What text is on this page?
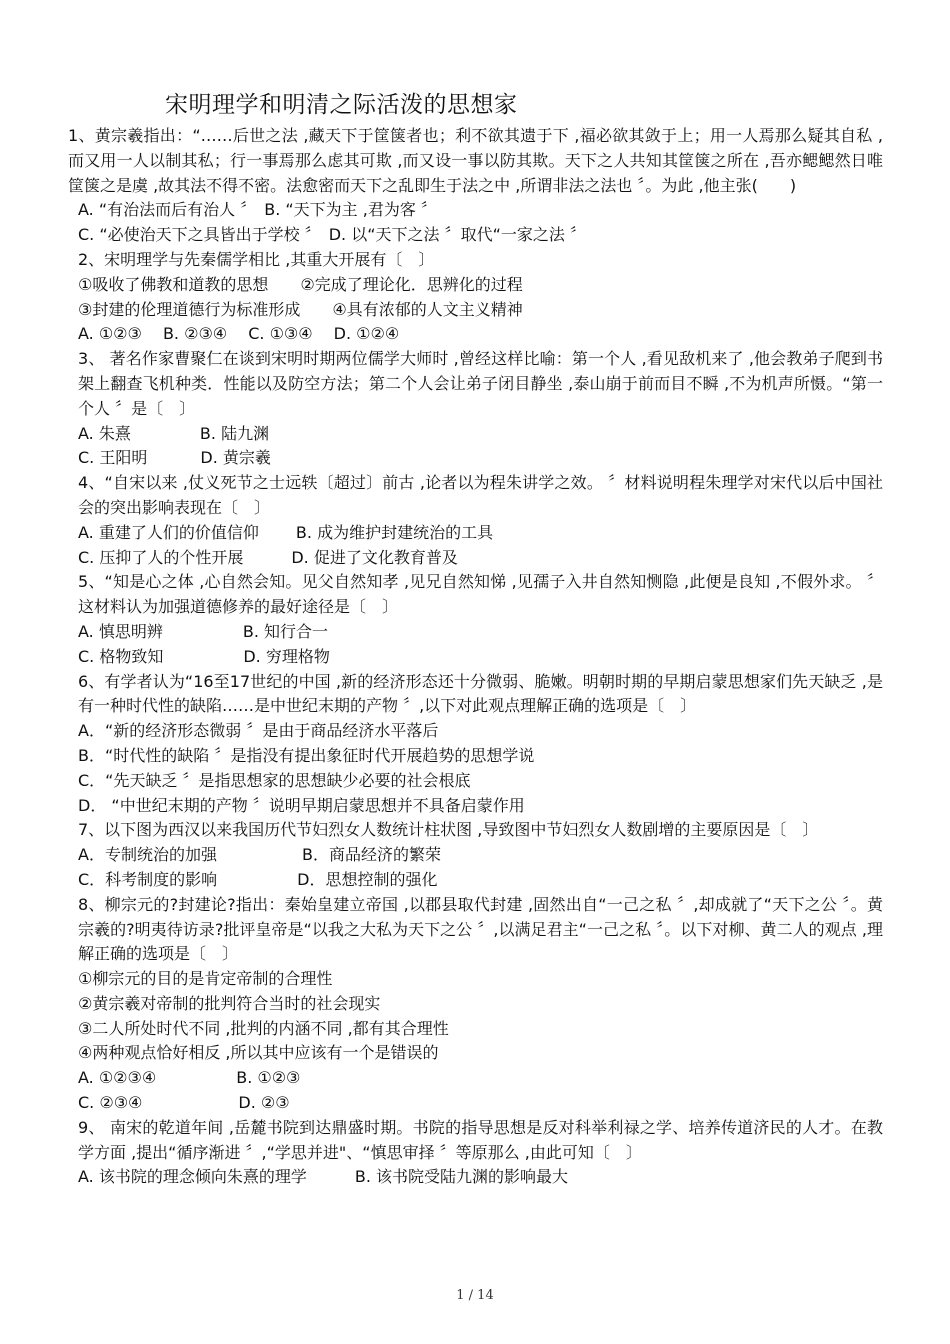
宋明理学和明清之际活泼的思想家
1、黄宗羲指出：“……后世之法 ,藏天下于筐箧者也；利不欲其遗于下 ,福必欲其敛于上；用一人焉那么疑其自私 ,而又用一人以制其私；行一事焉那么虑其可欺 ,而又设一事以防其欺。天下之人共知其筐箧之所在 ,吾亦鳃鳃然日唯筐箧之是虞 ,故其法不得不密。法愈密而天下之乱即生于法之中 ,所谓非法之法也 〞。为此 ,他主张(　　)
A. “有治法而后有治人 〞　B. “天下为主 ,君为客 〞
C. “必使治天下之具皆出于学校 〞　D. 以“天下之法 〞取代“一家之法 〞
2、宋明理学与先秦儒学相比 ,其重大开展有〔　〕
①吸收了佛教和道教的思想　　②完成了理论化．思辨化的过程
③封建的伦理道德行为标准形成　　④具有浓郁的人文主义精神
A. ①②③　 B. ②③④　 C. ①③④　 D. ①②④
3、 著名作家曹聚仁在谈到宋明时期两位儒学大师时 ,曾经这样比喻：第一个人 ,看见敌机来了 ,他会教弟子爬到书架上翻查飞机种类．性能以及防空方法；第二个人会让弟子闭目静坐 ,泰山崩于前而目不瞬 ,不为机声所慑。“第一个人 〞是〔　〕
A. 朱熹　　　　 B. 陆九渊
C. 王阳明　　　 D. 黄宗羲
4、“自宋以来 ,仗义死节之士远轶〔超过〕前古 ,论者以为程朱讲学之效。 〞材料说明程朱理学对宋代以后中国社会的突出影响表现在〔　〕
A. 重建了人们的价值信仰　　 B. 成为维护封建统治的工具
C. 压抑了人的个性开展　　　D. 促进了文化教育普及
5、“知是心之体 ,心自然会知。见父自然知孝 ,见兄自然知悌 ,见孺子入井自然知恻隐 ,此便是良知 ,不假外求。 〞这材料认为加强道德修养的最好途径是〔　〕
A. 慎思明辨　　　　　B. 知行合一
C. 格物致知　　　　　D. 穷理格物
6、有学者认为“16至17世纪的中国 ,新的经济形态还十分微弱、脆嫩。明朝时期的早期启蒙思想家们先天缺乏 ,是有一种时代性的缺陷……是中世纪末期的产物 〞,以下对此观点理解正确的选项是〔　〕
A．“新的经济形态微弱 〞是由于商品经济水平落后
B．“时代性的缺陷 〞是指没有提出象征时代开展趋势的思想学说
C．“先天缺乏 〞是指思想家的思想缺少必要的社会根底
D． “中世纪末期的产物 〞说明早期启蒙思想并不具备启蒙作用
7、以下图为西汉以来我国历代节妇烈女人数统计柱状图 ,导致图中节妇烈女人数剧增的主要原因是〔　〕
A．专制统治的加强　　　　　 B．商品经济的繁荣
C．科考制度的影响　　　　　D．思想控制的强化
8、柳宗元的?封建论?指出：秦始皇建立帝国 ,以郡县取代封建 ,固然出自“一己之私 〞,却成就了“天下之公 〞。黄宗羲的?明夷待访录?批评皇帝是“以我之大私为天下之公 〞,以满足君主“一己之私 〞。以下对柳、黄二人的观点 ,理解正确的选项是〔　〕
①柳宗元的目的是肯定帝制的合理性
②黄宗羲对帝制的批判符合当时的社会现实
③二人所处时代不同 ,批判的内涵不同 ,都有其合理性
④两种观点恰好相反 ,所以其中应该有一个是错误的
A. ①②③④　　　　　B. ①②③
C. ②③④　　　　　　D. ②③
9、 南宋的乾道年间 ,岳麓书院到达鼎盛时期。书院的指导思想是反对科举利禄之学、培养传道济民的人才。在教学方面 ,提出“循序渐进 〞,“学思并进"、“慎思审择 〞等原那么 ,由此可知〔　〕
A. 该书院的理念倾向朱熹的理学　　　B. 该书院受陆九渊的影响最大
1 / 14
